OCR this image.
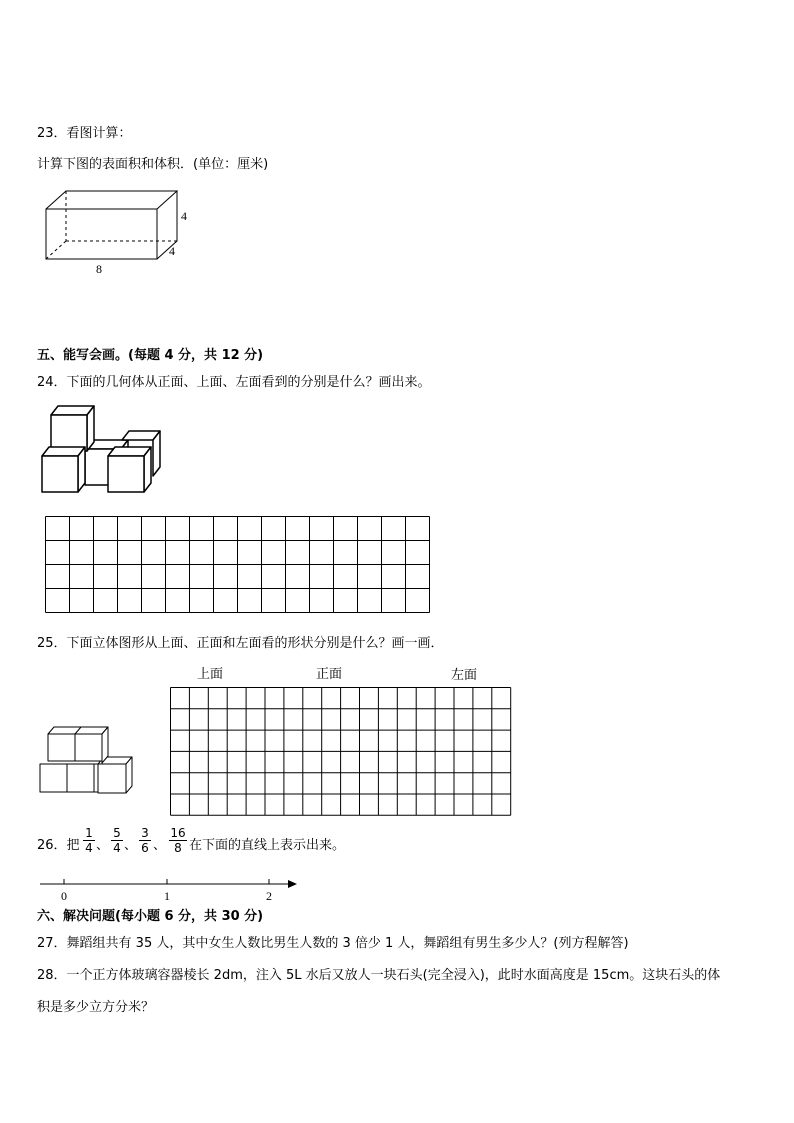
23．看图计算：
计算下图的表面积和体积．(单位：厘米)
4
4
8
五、能写会画。(每题 4 分，共 12 分)
24．下面的几何体从正面、上面、左面看到的分别是什么？画出来。
25．下面立体图形从上面、正面和左面看的形状分别是什么？画一画．
上面	正面	左面
26．把 $\frac{1}{4}$ 、 $\frac{5}{4}$ 、 $\frac{3}{6}$ 、 $\frac{16}{8}$ 在下面的直线上表示出来。
0	1	2
六、解决问题(每小题 6 分，共 30 分)
27．舞蹈组共有 35 人，其中女生人数比男生人数的 3 倍少 1 人，舞蹈组有男生多少人？(列方程解答)
28．一个正方体玻璃容器棱长 2dm，注入 5L 水后又放人一块石头(完全浸入)，此时水面高度是 15cm。这块石头的体
积是多少立方分米？
